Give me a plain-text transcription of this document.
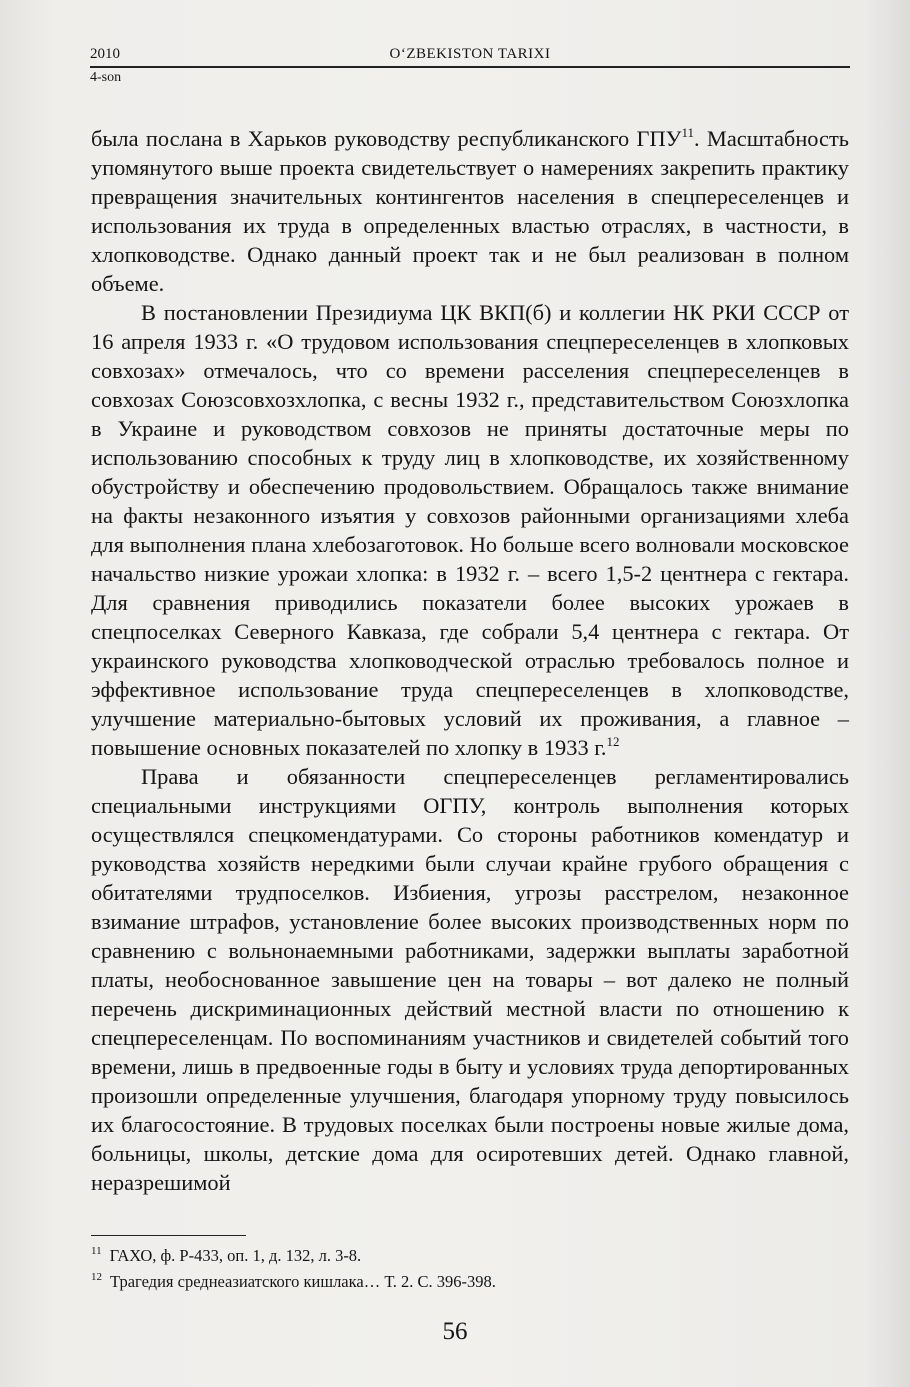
2010	O‘ZBEKISTON TARIXI
4-son

была послана в Харьков руководству республиканского ГПУ$^{11}$. Масштабность упомянутого выше проекта свидетельствует о намерениях закрепить практику превращения значительных контингентов населения в спецпереселенцев и использования их труда в определенных властью отраслях, в частности, в хлопководстве. Однако данный проект так и не был реализован в полном объеме.

В постановлении Президиума ЦК ВКП(б) и коллегии НК РКИ СССР от 16 апреля 1933 г. «О трудовом использования спецпереселенцев в хлопковых совхозах» отмечалось, что со времени расселения спецпереселенцев в совхозах Союзсовхозхлопка, с весны 1932 г., представительством Союзхлопка в Украине и руководством совхозов не приняты достаточные меры по использованию способных к труду лиц в хлопководстве, их хозяйственному обустройству и обеспечению продовольствием. Обращалось также внимание на факты незаконного изъятия у совхозов районными организациями хлеба для выполнения плана хлебозаготовок. Но больше всего волновали московское начальство низкие урожаи хлопка: в 1932 г. – всего 1,5-2 центнера с гектара. Для сравнения приводились показатели более высоких урожаев в спецпоселках Северного Кавказа, где собрали 5,4 центнера с гектара. От украинского руководства хлопководческой отраслью требовалось полное и эффективное использование труда спецпереселенцев в хлопководстве, улучшение материально-бытовых условий их проживания, а главное – повышение основных показателей по хлопку в 1933 г.$^{12}$

Права и обязанности спецпереселенцев регламентировались специальными инструкциями ОГПУ, контроль выполнения которых осуществлялся спецкомендатурами. Со стороны работников комендатур и руководства хозяйств нередкими были случаи крайне грубого обращения с обитателями трудпоселков. Избиения, угрозы расстрелом, незаконное взимание штрафов, установление более высоких производственных норм по сравнению с вольнонаемными работниками, задержки выплаты заработной платы, необоснованное завышение цен на товары – вот далеко не полный перечень дискриминационных действий местной власти по отношению к спецпереселенцам. По воспоминаниям участников и свидетелей событий того времени, лишь в предвоенные годы в быту и условиях труда депортированных произошли определенные улучшения, благодаря упорному труду повысилось их благосостояние. В трудовых поселках были построены новые жилые дома, больницы, школы, детские дома для осиротевших детей. Однако главной, неразрешимой

$^{11}$ ГАХО, ф. Р-433, оп. 1, д. 132, л. 3-8.

$^{12}$ Трагедия среднеазиатского кишлака… Т. 2. С. 396-398.

56
